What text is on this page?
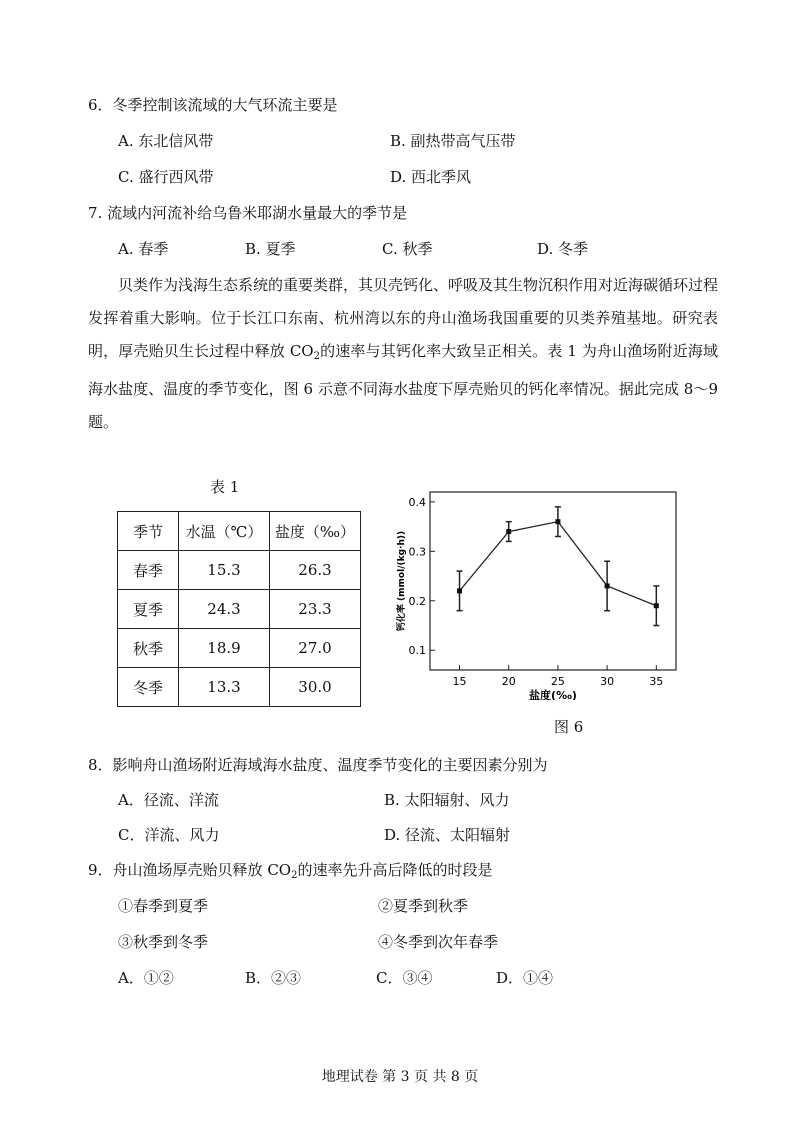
6．冬季控制该流域的大气环流主要是
A. 东北信风带	B. 副热带高气压带
C. 盛行西风带	D. 西北季风
7. 流域内河流补给乌鲁米耶湖水量最大的季节是
A. 春季	B. 夏季	C. 秋季	D. 冬季
贝类作为浅海生态系统的重要类群，其贝壳钙化、呼吸及其生物沉积作用对近海碳循环过程发挥着重大影响。位于长江口东南、杭州湾以东的舟山渔场我国重要的贝类养殖基地。研究表明，厚壳贻贝生长过程中释放 $CO_2$的速率与其钙化率大致呈正相关。表 1 为舟山渔场附近海域海水盐度、温度的季节变化，图 6 示意不同海水盐度下厚壳贻贝的钙化率情况。据此完成 8～9 题。
表 1
季节	水温（℃）	盐度（‰）
春季	15.3	26.3
夏季	24.3	23.3
秋季	18.9	27.0
冬季	13.3	30.0
0.1
0.2
0.3
0.4
15	20	25	30	35
盐度(‰)
钙化率 (mmol/(kg·h))
图 6
8．影响舟山渔场附近海域海水盐度、温度季节变化的主要因素分别为
A．径流、洋流	B. 太阳辐射、风力
C．洋流、风力	D. 径流、太阳辐射
9．舟山渔场厚壳贻贝释放 $CO_2$的速率先升高后降低的时段是
①春季到夏季	②夏季到秋季
③秋季到冬季	④冬季到次年春季
A．①②	B．②③	C．③④	D．①④
地理试卷 第 3 页 共 8 页
